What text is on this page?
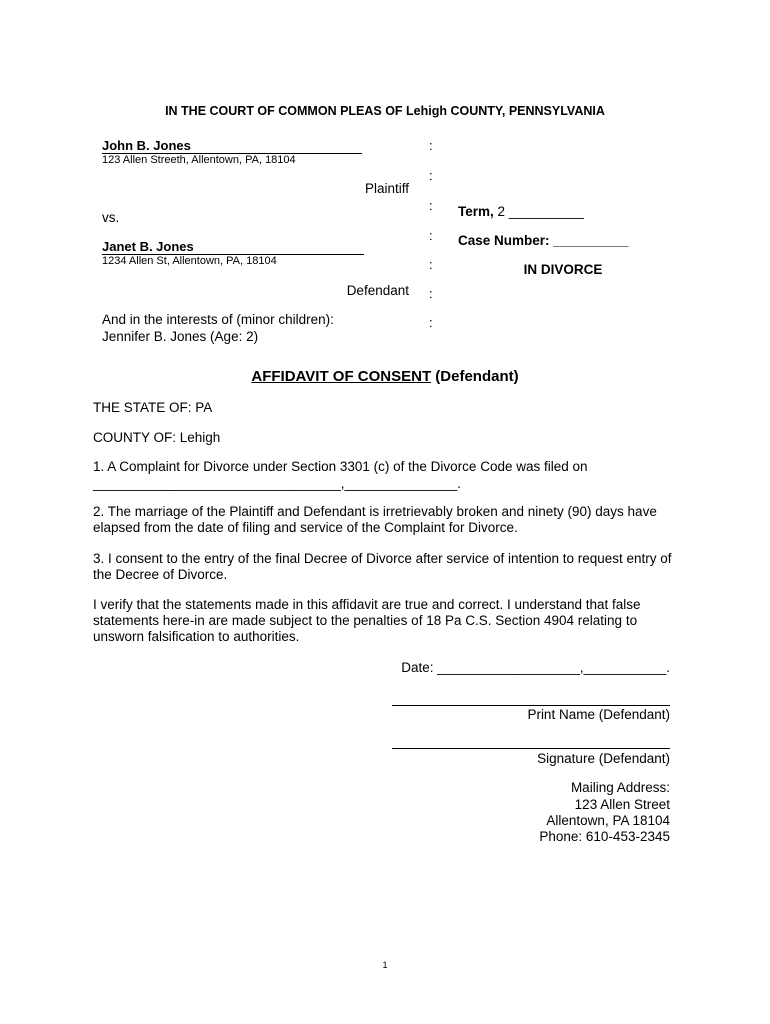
IN THE COURT OF COMMON PLEAS OF Lehigh COUNTY, PENNSYLVANIA
John B. Jones
123 Allen Streeth, Allentown, PA, 18104
Plaintiff
vs.
Janet B. Jones
1234 Allen St, Allentown, PA, 18104
Defendant
And in the interests of (minor children):
Jennifer B. Jones (Age: 2)
:
:
:
:
:
:
:
Term, 2 __________
Case Number: __________
IN DIVORCE
AFFIDAVIT OF CONSENT (Defendant)
THE STATE OF: PA
COUNTY OF: Lehigh
1. A Complaint for Divorce under Section 3301 (c) of the Divorce Code was filed on
_________________________________,_______________.
2. The marriage of the Plaintiff and Defendant is irretrievably broken and ninety (90) days have elapsed from the date of filing and service of the Complaint for Divorce.
3. I consent to the entry of the final Decree of Divorce after service of intention to request entry of the Decree of Divorce.
I verify that the statements made in this affidavit are true and correct. I understand that false statements here-in are made subject to the penalties of 18 Pa C.S. Section 4904 relating to unsworn falsification to authorities.
Date: ___________________,___________.
Print Name (Defendant)
Signature (Defendant)
Mailing Address:
123 Allen Street
Allentown, PA 18104
Phone: 610-453-2345
1
